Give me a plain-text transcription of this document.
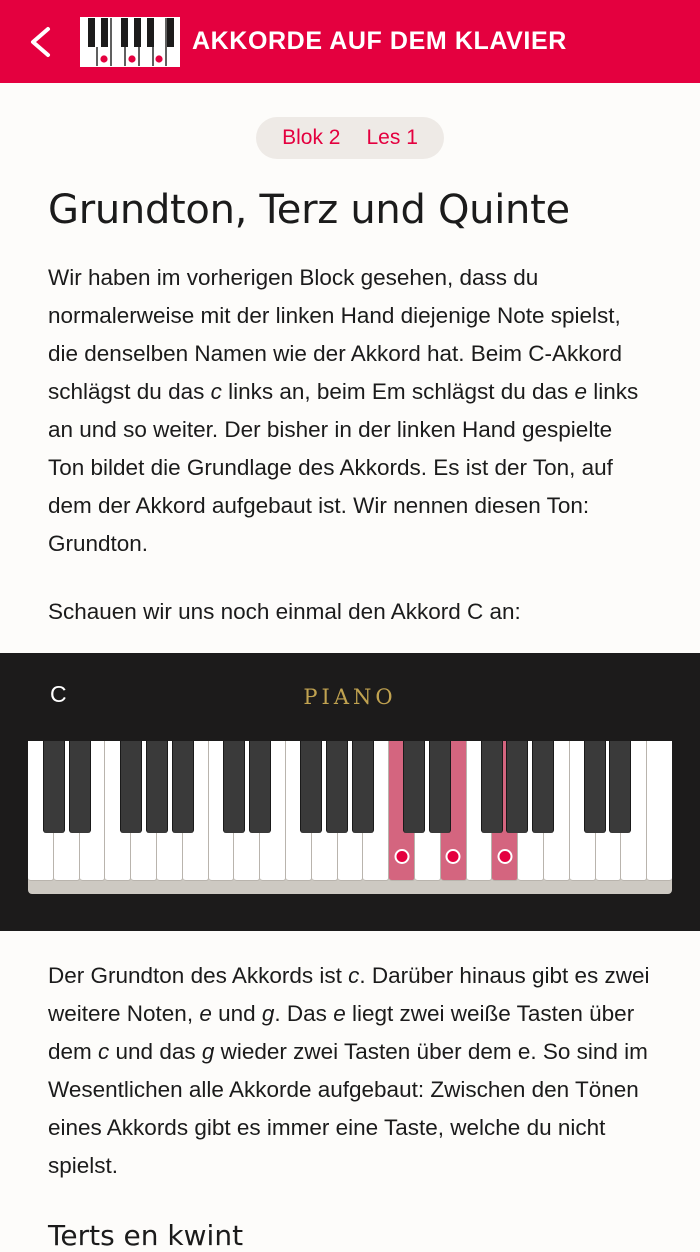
AKKORDE AUF DEM KLAVIER
Blok 2 Les 1
Grundton, Terz und Quinte

Wir haben im vorherigen Block gesehen, dass du normalerweise mit der linken Hand diejenige Note spielst, die denselben Namen wie der Akkord hat. Beim C-Akkord schlägst du das c links an, beim Em schlägst du das e links an und so weiter. Der bisher in der linken Hand gespielte Ton bildet die Grundlage des Akkords. Es ist der Ton, auf dem der Akkord aufgebaut ist. Wir nennen diesen Ton: Grundton.

Schauen wir uns noch einmal den Akkord C an:

C	PIANO

Der Grundton des Akkords ist c. Darüber hinaus gibt es zwei weitere Noten, e und g. Das e liegt zwei weiße Tasten über dem c und das g wieder zwei Tasten über dem e. So sind im Wesentlichen alle Akkorde aufgebaut: Zwischen den Tönen eines Akkords gibt es immer eine Taste, welche du nicht spielst.

Terts en kwint
